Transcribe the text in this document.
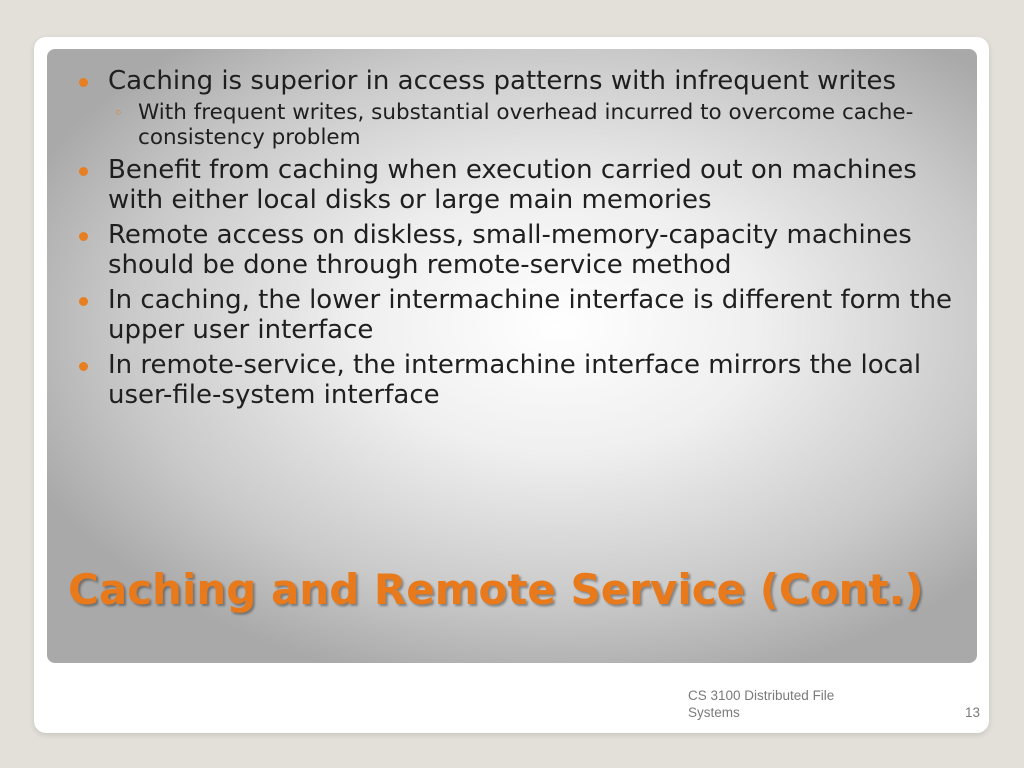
Caching is superior in access patterns with infrequent writes
◦ With frequent writes, substantial overhead incurred to overcome cache-consistency problem
Benefit from caching when execution carried out on machines with either local disks or large main memories
Remote access on diskless, small-memory-capacity machines should be done through remote-service method
In caching, the lower intermachine interface is different form the upper user interface
In remote-service, the intermachine interface mirrors the local user-file-system interface
Caching and Remote Service (Cont.)
CS 3100 Distributed File Systems	13
